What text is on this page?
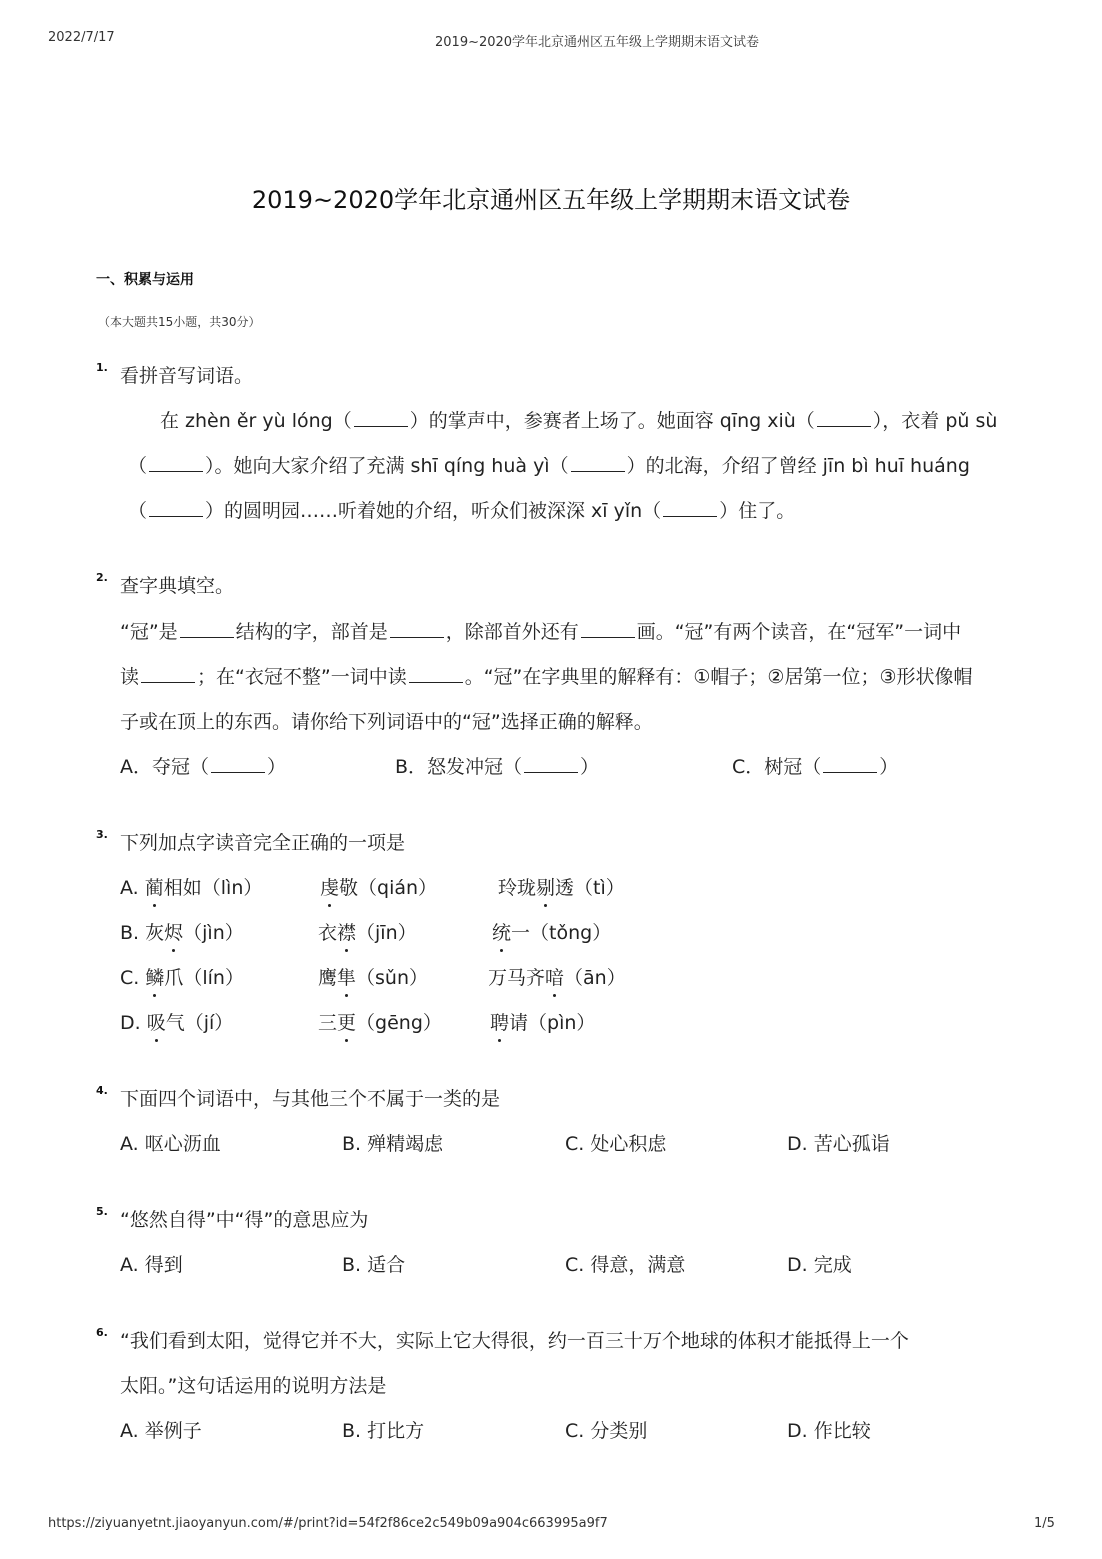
2022/7/17	2019~2020学年北京通州区五年级上学期期末语文试卷
2019~2020学年北京通州区五年级上学期期末语文试卷
一、积累与运用
（本大题共15小题，共30分）
1. 看拼音写词语。
在 zhèn ěr yù lóng（	）的掌声中，参赛者上场了。她面容 qīng xiù（	），衣着 pǔ sù
（	）。她向大家介绍了充满 shī qíng huà yì（	）的北海，介绍了曾经 jīn bì huī huáng
（	）的圆明园……听着她的介绍，听众们被深深 xī yǐn（	）住了。
2. 查字典填空。
“冠”是	结构的字，部首是	，除部首外还有	画。“冠”有两个读音，在“冠军”一词中
读	；在“衣冠不整”一词中读	。“冠”在字典里的解释有：①帽子；②居第一位；③形状像帽
子或在顶上的东西。请你给下列词语中的“冠”选择正确的解释。
A．夺冠（	）	B．怒发冲冠（	）	C．树冠（	）
3. 下列加点字读音完全正确的一项是
A. 蔺相如（lìn）	虔敬（qián）	玲珑剔透（tì）
B. 灰烬（jìn）	衣襟（jīn）	统一（tǒng）
C. 鳞爪（lín）	鹰隼（sǔn）	万马齐喑（ān）
D. 吸气（jí）	三更（gēng）	聘请（pìn）
4. 下面四个词语中，与其他三个不属于一类的是
A. 呕心沥血	B. 殚精竭虑	C. 处心积虑	D. 苦心孤诣
5. “悠然自得”中“得”的意思应为
A. 得到	B. 适合	C. 得意，满意	D. 完成
6. “我们看到太阳，觉得它并不大，实际上它大得很，约一百三十万个地球的体积才能抵得上一个
太阳。”这句话运用的说明方法是
A. 举例子	B. 打比方	C. 分类别	D. 作比较
https://ziyuanyetnt.jiaoyanyun.com/#/print?id=54f2f86ce2c549b09a904c663995a9f7	1/5
